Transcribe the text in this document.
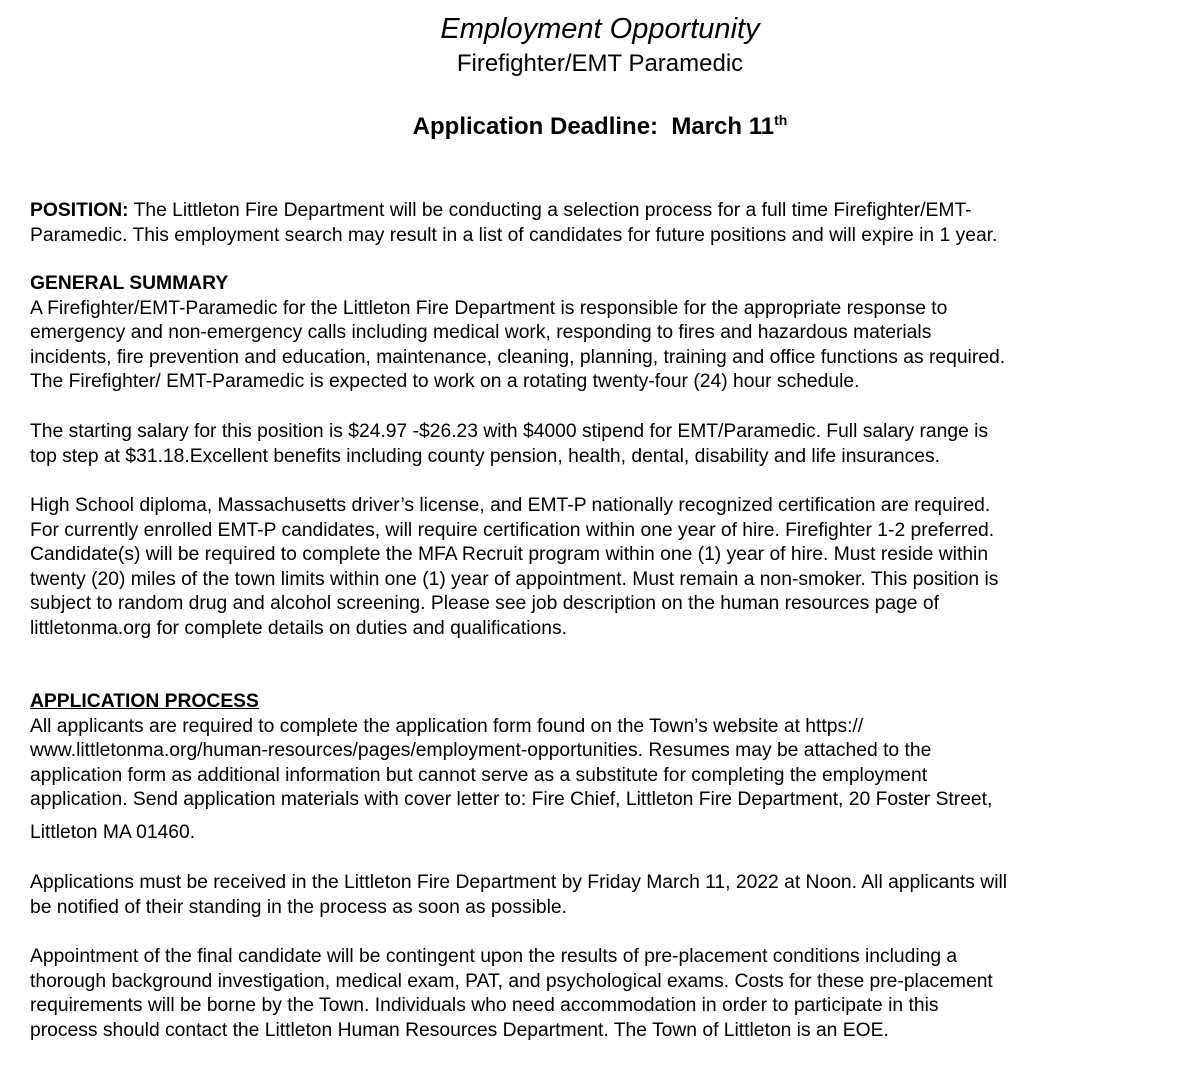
Employment Opportunity
Firefighter/EMT Paramedic
Application Deadline: March 11th
POSITION: The Littleton Fire Department will be conducting a selection process for a full time Firefighter/EMT-
Paramedic. This employment search may result in a list of candidates for future positions and will expire in 1 year.
GENERAL SUMMARY
A Firefighter/EMT-Paramedic for the Littleton Fire Department is responsible for the appropriate response to
emergency and non-emergency calls including medical work, responding to fires and hazardous materials
incidents, fire prevention and education, maintenance, cleaning, planning, training and office functions as required.
The Firefighter/ EMT-Paramedic is expected to work on a rotating twenty-four (24) hour schedule.
The starting salary for this position is $24.97 -$26.23 with $4000 stipend for EMT/Paramedic. Full salary range is
top step at $31.18.Excellent benefits including county pension, health, dental, disability and life insurances.
High School diploma, Massachusetts driver’s license, and EMT-P nationally recognized certification are required.
For currently enrolled EMT-P candidates, will require certification within one year of hire. Firefighter 1-2 preferred.
Candidate(s) will be required to complete the MFA Recruit program within one (1) year of hire. Must reside within
twenty (20) miles of the town limits within one (1) year of appointment. Must remain a non-smoker. This position is
subject to random drug and alcohol screening. Please see job description on the human resources page of
littletonma.org for complete details on duties and qualifications.
APPLICATION PROCESS
All applicants are required to complete the application form found on the Town’s website at https://
www.littletonma.org/human-resources/pages/employment-opportunities. Resumes may be attached to the
application form as additional information but cannot serve as a substitute for completing the employment
application. Send application materials with cover letter to: Fire Chief, Littleton Fire Department, 20 Foster Street,
Littleton MA 01460.
Applications must be received in the Littleton Fire Department by Friday March 11, 2022 at Noon. All applicants will
be notified of their standing in the process as soon as possible.
Appointment of the final candidate will be contingent upon the results of pre-placement conditions including a
thorough background investigation, medical exam, PAT, and psychological exams. Costs for these pre-placement
requirements will be borne by the Town. Individuals who need accommodation in order to participate in this
process should contact the Littleton Human Resources Department. The Town of Littleton is an EOE.
